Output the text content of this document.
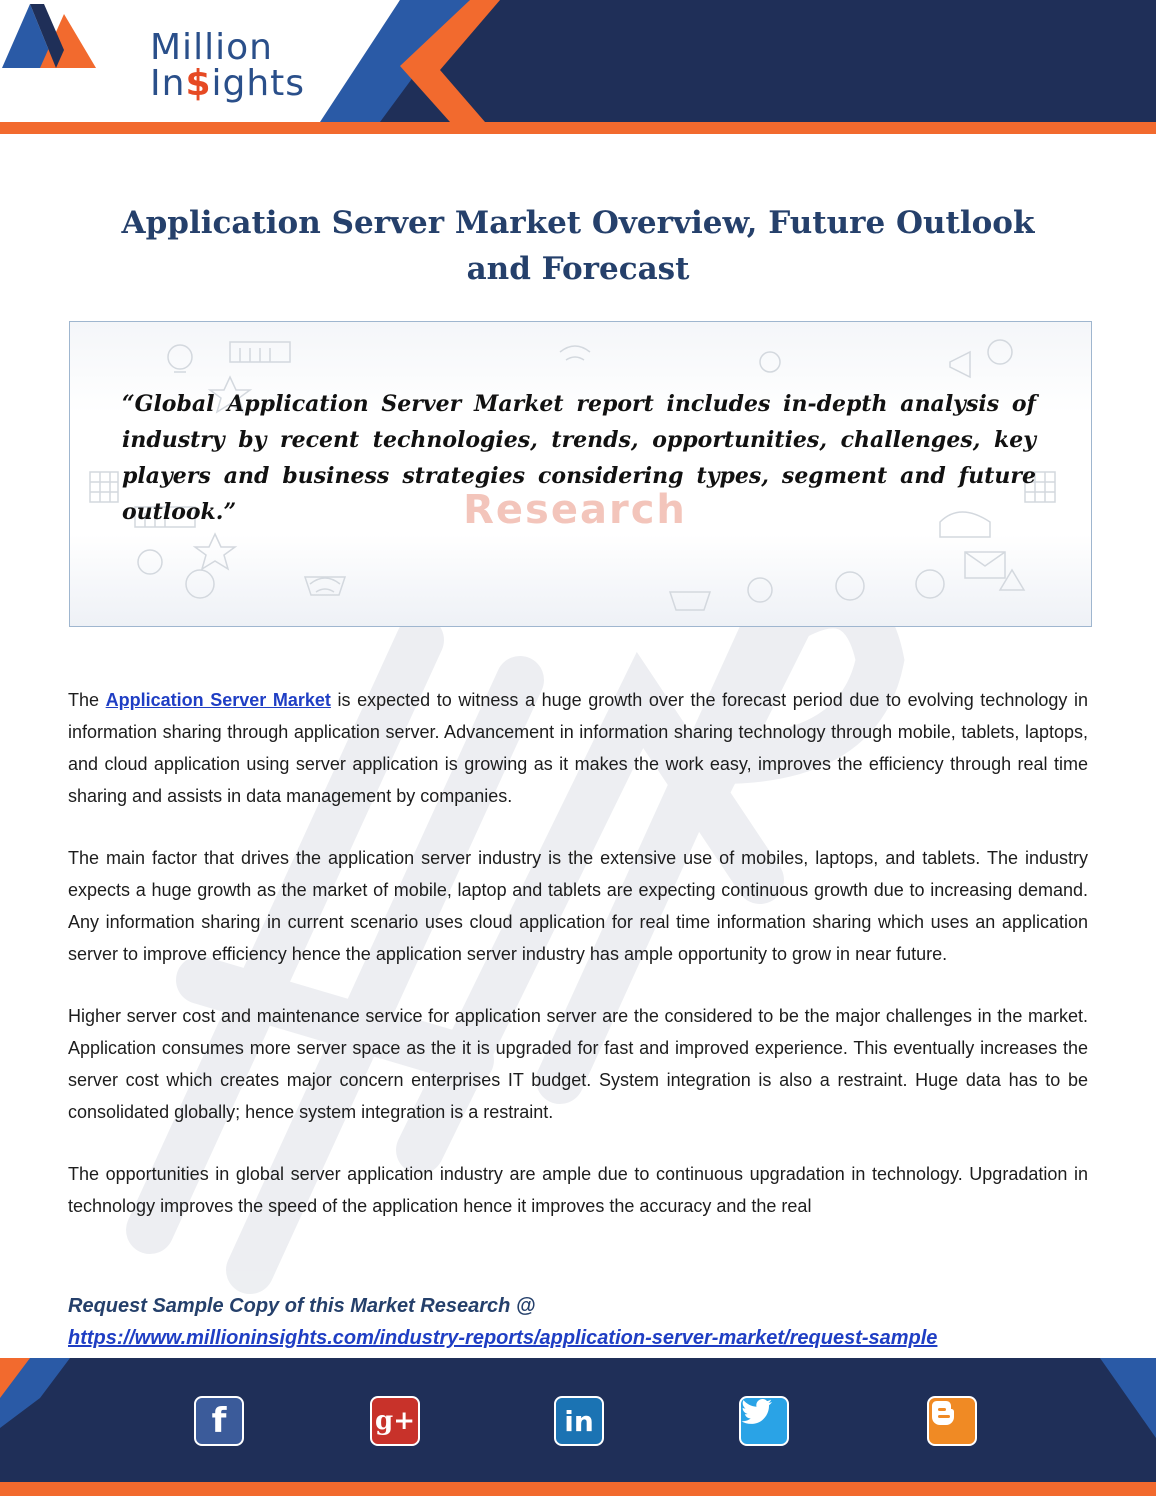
Million
In$ights
Application Server Market Overview, Future Outlook and Forecast
Research

“Global Application Server Market report includes in-depth analysis of industry by recent technologies, trends, opportunities, challenges, key players and business strategies considering types, segment and future outlook.”

The Application Server Market is expected to witness a huge growth over the forecast period due to evolving technology in information sharing through application server. Advancement in information sharing technology through mobile, tablets, laptops, and cloud application using server application is growing as it makes the work easy, improves the efficiency through real time sharing and assists in data management by companies.

The main factor that drives the application server industry is the extensive use of mobiles, laptops, and tablets. The industry expects a huge growth as the market of mobile, laptop and tablets are expecting continuous growth due to increasing demand. Any information sharing in current scenario uses cloud application for real time information sharing which uses an application server to improve efficiency hence the application server industry has ample opportunity to grow in near future.

Higher server cost and maintenance service for application server are the considered to be the major challenges in the market. Application consumes more server space as the it is upgraded for fast and improved experience. This eventually increases the server cost which creates major concern enterprises IT budget. System integration is also a restraint. Huge data has to be consolidated globally; hence system integration is a restraint.

The opportunities in global server application industry are ample due to continuous upgradation in technology. Upgradation in technology improves the speed of the application hence it improves the accuracy and the real

Request Sample Copy of this Market Research @
https://www.millioninsights.com/industry-reports/application-server-market/request-sample
f	g+	in
